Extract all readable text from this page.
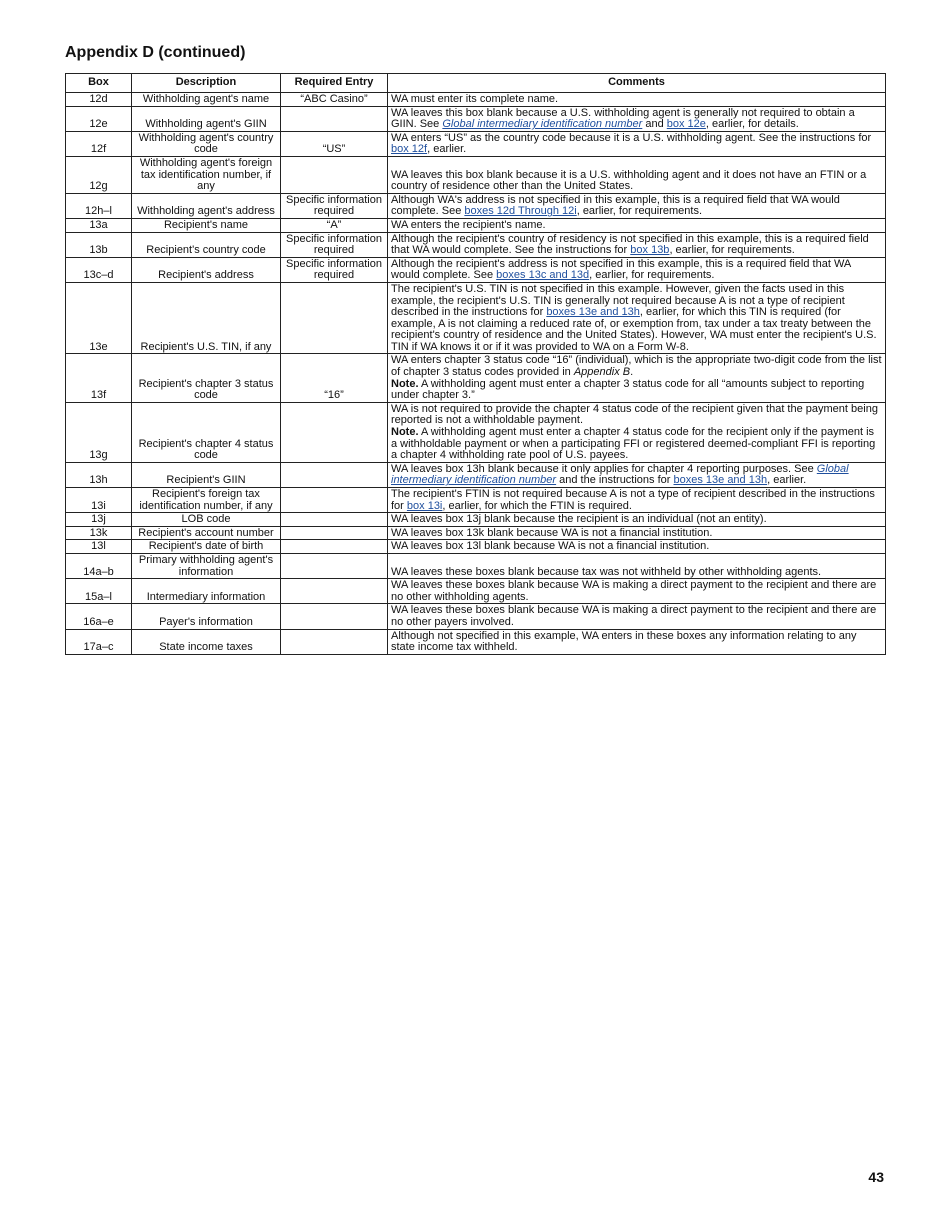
Appendix D (continued)
Box	Description	Required Entry	Comments
12d	Withholding agent's name	“ABC Casino”	WA must enter its complete name.
12e	Withholding agent's GIIN		WA leaves this box blank because a U.S. withholding agent is generally not required to obtain a GIIN. See Global intermediary identification number and box 12e, earlier, for details.
12f	Withholding agent's country code	“US”	WA enters “US” as the country code because it is a U.S. withholding agent. See the instructions for box 12f, earlier.
12g	Withholding agent's foreign tax identification number, if any		WA leaves this box blank because it is a U.S. withholding agent and it does not have an FTIN or a country of residence other than the United States.
12h–l	Withholding agent's address	Specific information required	Although WA's address is not specified in this example, this is a required field that WA would complete. See boxes 12d Through 12i, earlier, for requirements.
13a	Recipient's name	“A”	WA enters the recipient's name.
13b	Recipient's country code	Specific information required	Although the recipient's country of residency is not specified in this example, this is a required field that WA would complete. See the instructions for box 13b, earlier, for requirements.
13c–d	Recipient's address	Specific information required	Although the recipient's address is not specified in this example, this is a required field that WA would complete. See boxes 13c and 13d, earlier, for requirements.
13e	Recipient's U.S. TIN, if any		The recipient's U.S. TIN is not specified in this example. However, given the facts used in this example, the recipient's U.S. TIN is generally not required because A is not a type of recipient described in the instructions for boxes 13e and 13h, earlier, for which this TIN is required (for example, A is not claiming a reduced rate of, or exemption from, tax under a tax treaty between the recipient's country of residence and the United States). However, WA must enter the recipient's U.S. TIN if WA knows it or if it was provided to WA on a Form W-8.
13f	Recipient's chapter 3 status code	“16”	WA enters chapter 3 status code “16” (individual), which is the appropriate two-digit code from the list of chapter 3 status codes provided in Appendix B.
Note. A withholding agent must enter a chapter 3 status code for all “amounts subject to reporting under chapter 3.”
13g	Recipient's chapter 4 status code		WA is not required to provide the chapter 4 status code of the recipient given that the payment being reported is not a withholdable payment.
Note. A withholding agent must enter a chapter 4 status code for the recipient only if the payment is a withholdable payment or when a participating FFI or registered deemed-compliant FFI is reporting a chapter 4 withholding rate pool of U.S. payees.
13h	Recipient's GIIN		WA leaves box 13h blank because it only applies for chapter 4 reporting purposes. See Global intermediary identification number and the instructions for boxes 13e and 13h, earlier.
13i	Recipient's foreign tax identification number, if any		The recipient's FTIN is not required because A is not a type of recipient described in the instructions for box 13i, earlier, for which the FTIN is required.
13j	LOB code		WA leaves box 13j blank because the recipient is an individual (not an entity).
13k	Recipient's account number		WA leaves box 13k blank because WA is not a financial institution.
13l	Recipient's date of birth		WA leaves box 13l blank because WA is not a financial institution.
14a–b	Primary withholding agent's information		WA leaves these boxes blank because tax was not withheld by other withholding agents.
15a–l	Intermediary information		WA leaves these boxes blank because WA is making a direct payment to the recipient and there are no other withholding agents.
16a–e	Payer's information		WA leaves these boxes blank because WA is making a direct payment to the recipient and there are no other payers involved.
17a–c	State income taxes		Although not specified in this example, WA enters in these boxes any information relating to any state income tax withheld.
43
